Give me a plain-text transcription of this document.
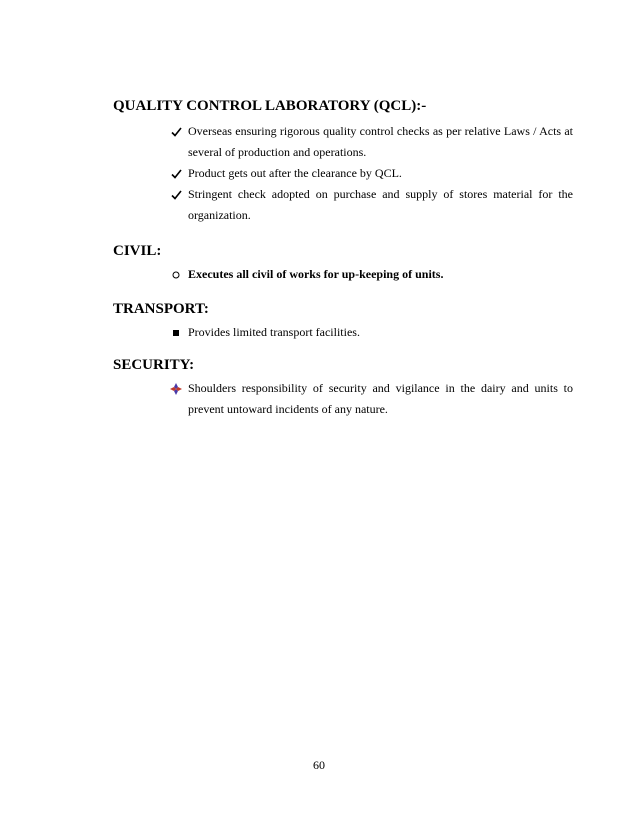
QUALITY CONTROL LABORATORY (QCL):-
Overseas ensuring rigorous quality control checks as per relative Laws / Acts at several of production and operations.
Product gets out after the clearance by QCL.
Stringent check adopted on purchase and supply of stores material for the organization.
CIVIL:
Executes all civil of works for up-keeping of units.
TRANSPORT:
Provides limited transport facilities.
SECURITY:
Shoulders responsibility of security and vigilance in the dairy and units to prevent untoward incidents of any nature.
60
